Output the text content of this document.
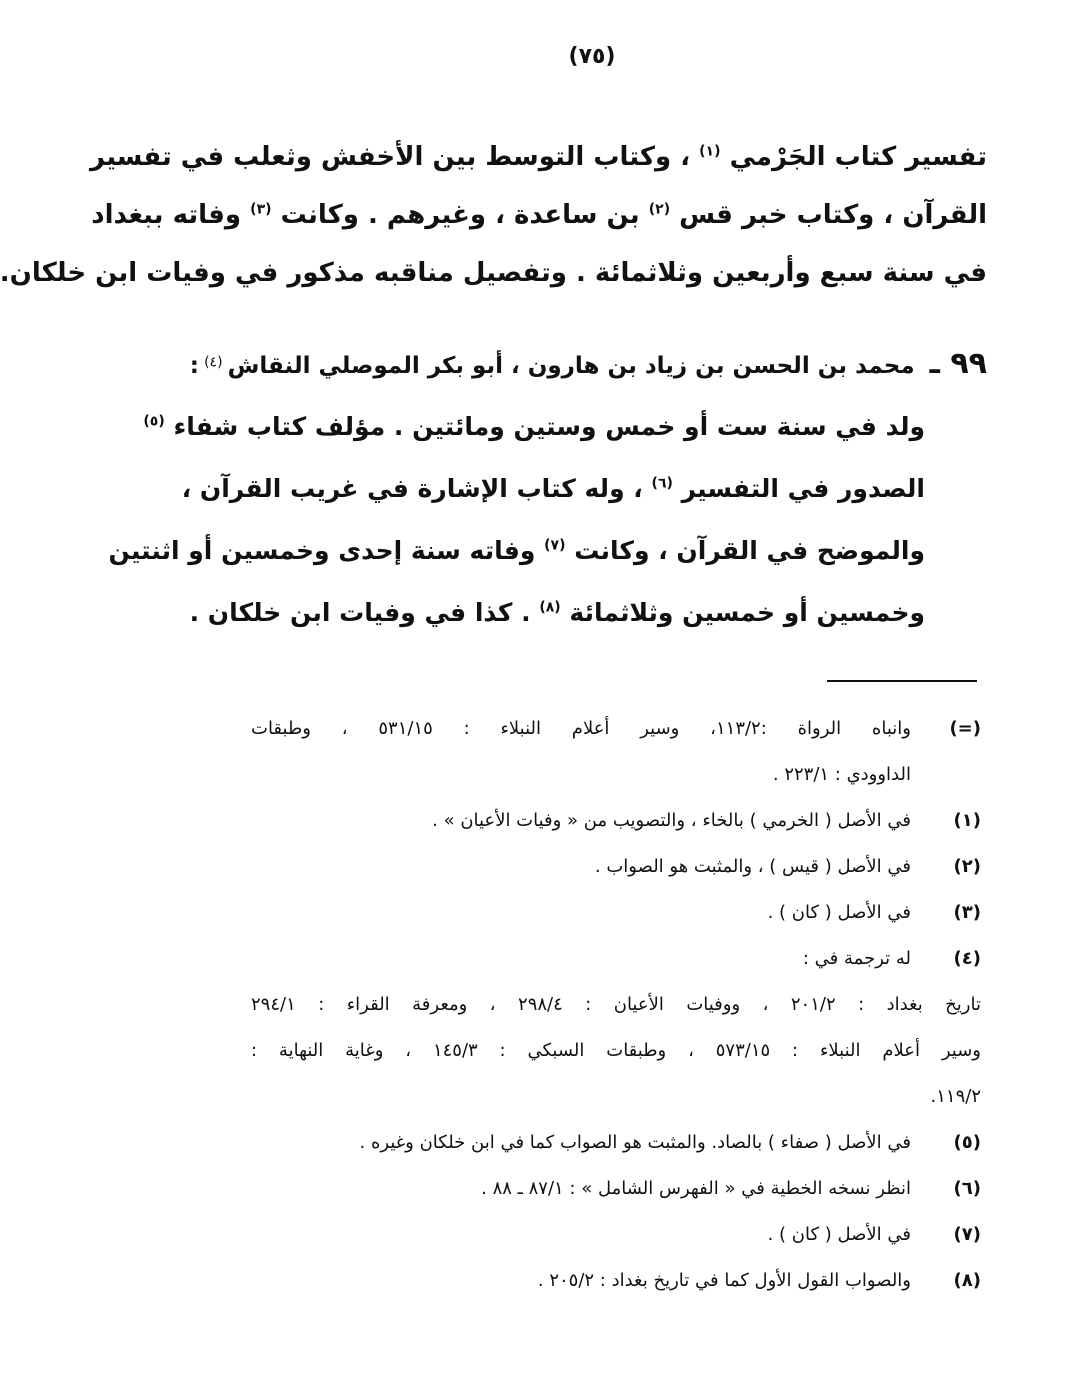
(٧٥)
تفسير كتاب الجَرْمي $^{(١)}$ ، وكتاب التوسط بين الأخفش وثعلب في تفسير
القرآن ، وكتاب خبر قس $^{(٢)}$ بن ساعدة ، وغيرهم . وكانت $^{(٣)}$ وفاته ببغداد
في سنة سبع وأربعين وثلاثمائة . وتفصيل مناقبه مذكور في وفيات ابن خلكان.
٩٩ ـ محمد بن الحسن بن زياد بن هارون ، أبو بكر الموصلي النقاش (٤) :
ولد في سنة ست أو خمس وستين ومائتين . مؤلف كتاب شفاء $^{(٥)}$
الصدور في التفسير $^{(٦)}$ ، وله كتاب الإشارة في غريب القرآن ،
والموضح في القرآن ، وكانت $^{(٧)}$ وفاته سنة إحدى وخمسين أو اثنتين
وخمسين أو خمسين وثلاثمائة $^{(٨)}$ . كذا في وفيات ابن خلكان .
(=)
وانباه الرواة :١١٣/٢، وسير أعلام النبلاء : ٥٣١/١٥ ، وطبقات
الداوودي : ٢٢٣/١ .
(١)
في الأصل ( الخرمي ) بالخاء ، والتصويب من « وفيات الأعيان » .
(٢)
في الأصل ( قيس ) ، والمثبت هو الصواب .
(٣)
في الأصل ( كان ) .
(٤)
له ترجمة في :
تاريخ بغداد : ٢٠١/٢ ، ووفيات الأعيان : ٢٩٨/٤ ، ومعرفة القراء : ٢٩٤/١
وسير أعلام النبلاء : ٥٧٣/١٥ ، وطبقات السبكي : ١٤٥/٣ ، وغاية النهاية :
١١٩/٢.
(٥)
في الأصل ( صفاء ) بالصاد. والمثبت هو الصواب كما في ابن خلكان وغيره .
(٦)
انظر نسخه الخطية في « الفهرس الشامل » : ٨٧/١ ـ ٨٨ .
(٧)
في الأصل ( كان ) .
(٨)
والصواب القول الأول كما في تاريخ بغداد : ٢٠٥/٢ .
